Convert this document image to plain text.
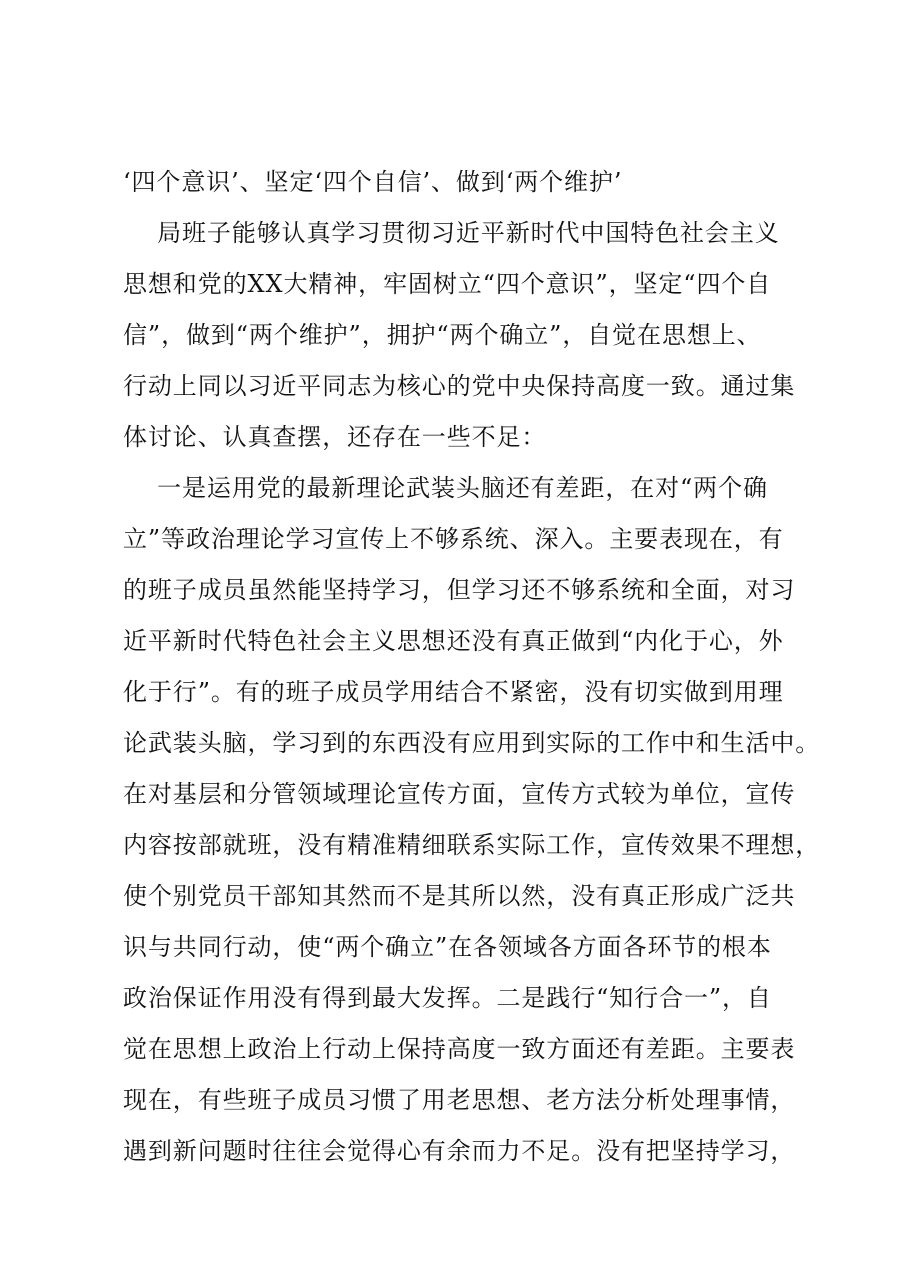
‘四个意识’、坚定‘四个自信’、做到‘两个维护’
局班子能够认真学习贯彻习近平新时代中国特色社会主义
思想和党的XX大精神，牢固树立“四个意识”，坚定“四个自
信”，做到“两个维护”，拥护“两个确立”，自觉在思想上、
行动上同以习近平同志为核心的党中央保持高度一致。通过集
体讨论、认真查摆，还存在一些不足：
一是运用党的最新理论武装头脑还有差距，在对“两个确
立”等政治理论学习宣传上不够系统、深入。主要表现在，有
的班子成员虽然能坚持学习，但学习还不够系统和全面，对习
近平新时代特色社会主义思想还没有真正做到“内化于心，外
化于行”。有的班子成员学用结合不紧密，没有切实做到用理
论武装头脑，学习到的东西没有应用到实际的工作中和生活中。
在对基层和分管领域理论宣传方面，宣传方式较为单位，宣传
内容按部就班，没有精准精细联系实际工作，宣传效果不理想，
使个别党员干部知其然而不是其所以然，没有真正形成广泛共
识与共同行动，使“两个确立”在各领域各方面各环节的根本
政治保证作用没有得到最大发挥。二是践行“知行合一”，自
觉在思想上政治上行动上保持高度一致方面还有差距。主要表
现在，有些班子成员习惯了用老思想、老方法分析处理事情，
遇到新问题时往往会觉得心有余而力不足。没有把坚持学习，
